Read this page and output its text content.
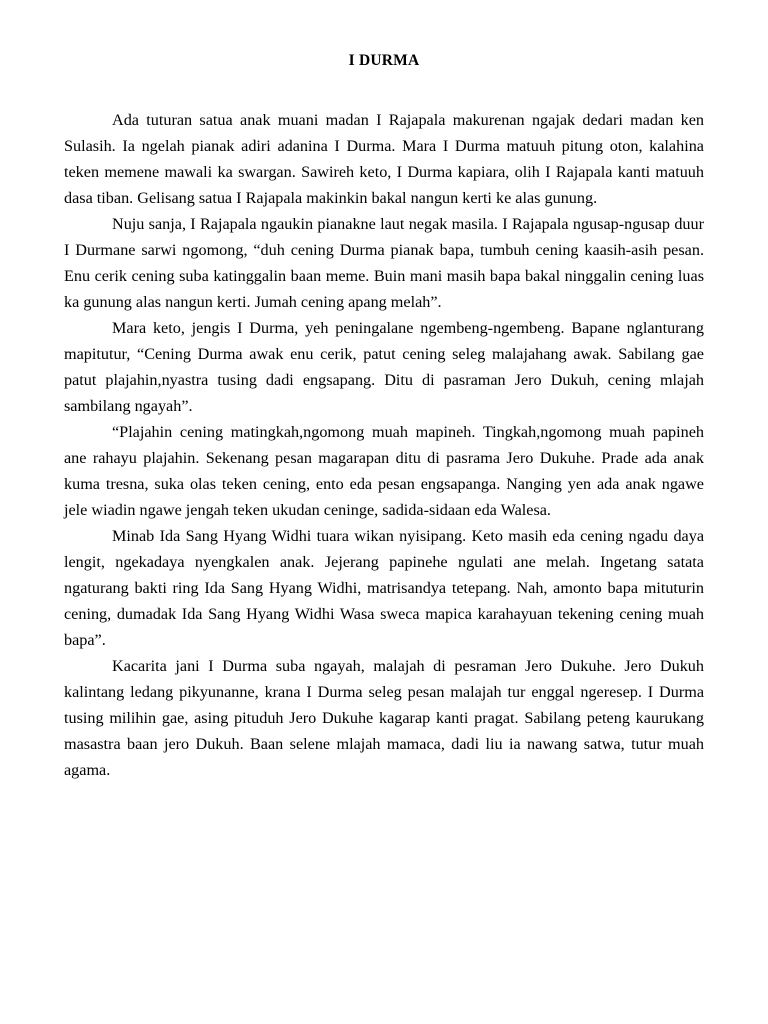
I DURMA

Ada tuturan satua anak muani madan I Rajapala makurenan ngajak dedari madan ken Sulasih. Ia ngelah pianak adiri adanina I Durma. Mara I Durma matuuh pitung oton, kalahina teken memene mawali ka swargan. Sawireh keto, I Durma kapiara, olih I Rajapala kanti matuuh dasa tiban. Gelisang satua I Rajapala makinkin bakal nangun kerti ke alas gunung.

Nuju sanja, I Rajapala ngaukin pianakne laut negak masila. I Rajapala ngusap-ngusap duur I Durmane sarwi ngomong, “duh cening Durma pianak bapa, tumbuh cening kaasih-asih pesan. Enu cerik cening suba katinggalin baan meme. Buin mani masih bapa bakal ninggalin cening luas ka gunung alas nangun kerti. Jumah cening apang melah”.

Mara keto, jengis I Durma, yeh peningalane ngembeng-ngembeng. Bapane nglanturang mapitutur, “Cening Durma awak enu cerik, patut cening seleg malajahang awak. Sabilang gae patut plajahin,nyastra tusing dadi engsapang. Ditu di pasraman Jero Dukuh, cening mlajah sambilang ngayah”.

“Plajahin cening matingkah,ngomong muah mapineh. Tingkah,ngomong muah papineh ane rahayu plajahin. Sekenang pesan magarapan ditu di pasrama Jero Dukuhe. Prade ada anak kuma tresna, suka olas teken cening, ento eda pesan engsapanga. Nanging yen ada anak ngawe jele wiadin ngawe jengah teken ukudan ceninge, sadida-sidaan eda Walesa.

Minab Ida Sang Hyang Widhi tuara wikan nyisipang. Keto masih eda cening ngadu daya lengit, ngekadaya nyengkalen anak. Jejerang papinehe ngulati ane melah. Ingetang satata ngaturang bakti ring Ida Sang Hyang Widhi, matrisandya tetepang. Nah, amonto bapa mituturin cening, dumadak Ida Sang Hyang Widhi Wasa sweca mapica karahayuan tekening cening muah bapa”.

Kacarita jani I Durma suba ngayah, malajah di pesraman Jero Dukuhe. Jero Dukuh kalintang ledang pikyunanne, krana I Durma seleg pesan malajah tur enggal ngeresep. I Durma tusing milihin gae, asing pituduh Jero Dukuhe kagarap kanti pragat. Sabilang peteng kaurukang masastra baan jero Dukuh. Baan selene mlajah mamaca, dadi liu ia nawang satwa, tutur muah agama.
